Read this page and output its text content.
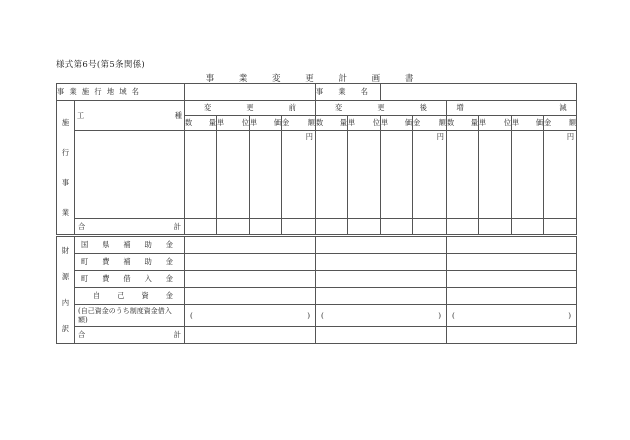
様式第6号(第5条関係)
事 業 変 更 計 画 書
事業施行地域名						事 業 名							

施
行
事
業	工 種	変 更 前				変 更 後				増 減			

		数量	単位	単価	金額	数量	単位	単価	金額	数量	単位	単価	金額

					円				円				円

	合 計												

財
源
内
訳	国 県 補 助 金			

	町 費 補 助 金			

	町 費 借 入 金			

	自 己 資 金			

	(自己資金のうち制度資金借入額)	( )	( )	( )

	合 計			
